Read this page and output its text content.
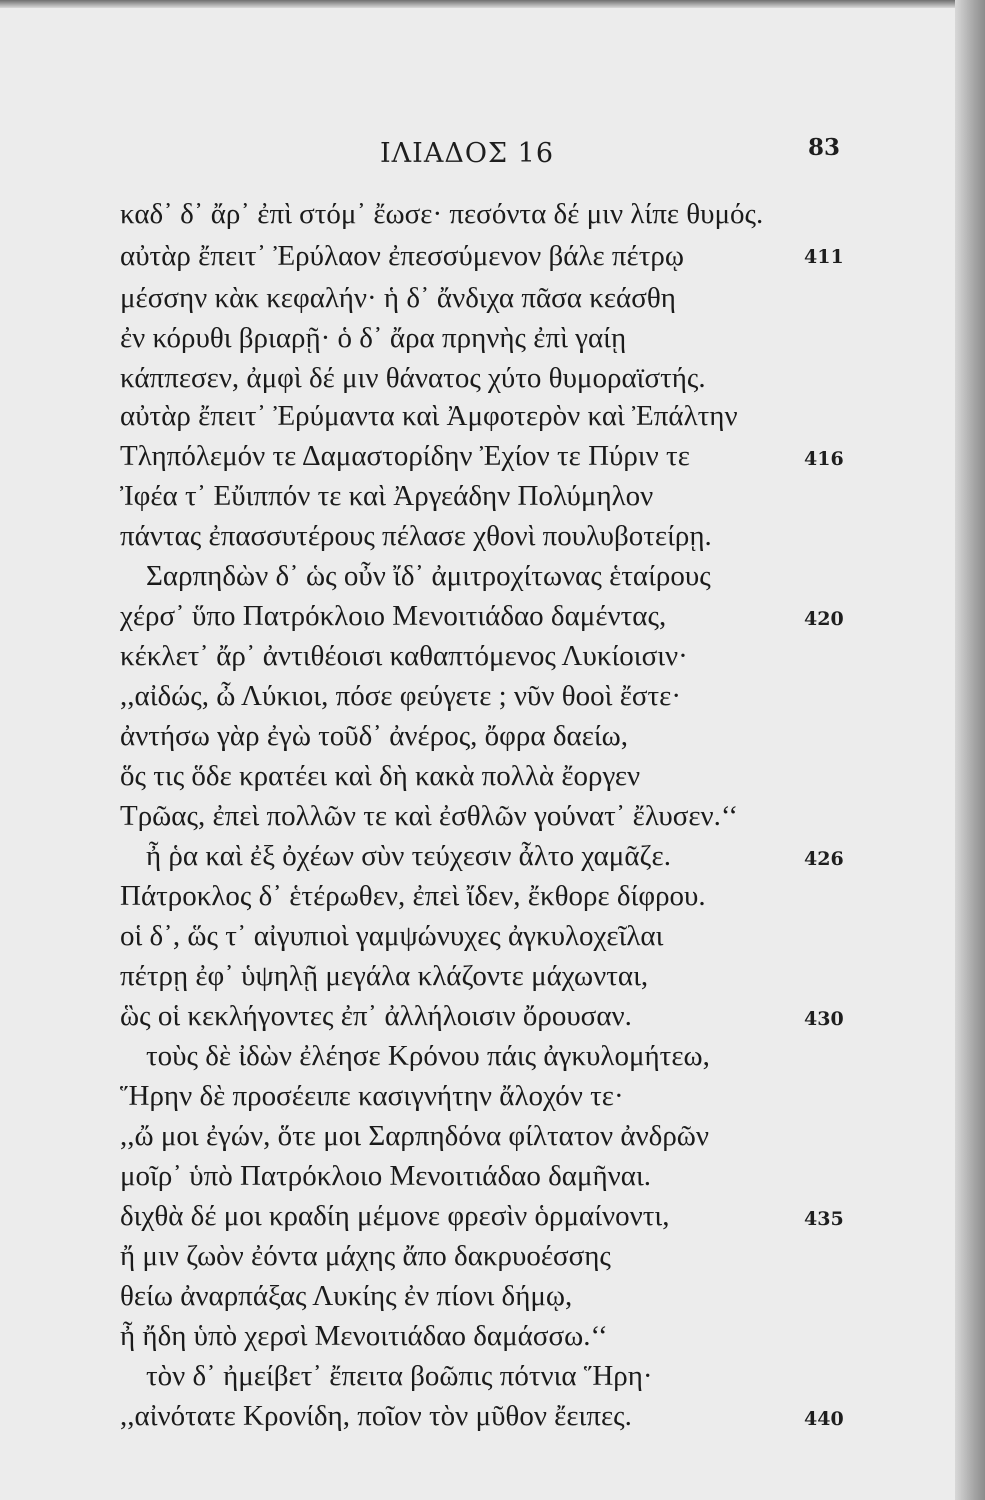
ΙΛΙΑΔΟΣ 16	83
καδ᾽ δ᾽ ἄρ᾽ ἐπὶ στόμ᾽ ἔωσε· πεσόντα δέ μιν λίπε θυμός.
αὐτὰρ ἔπειτ᾽ Ἐρύλαον ἐπεσσύμενον βάλε πέτρῳ
μέσσην κὰκ κεφαλήν· ἡ δ᾽ ἄνδιχα πᾶσα κεάσθη
ἐν κόρυθι βριαρῇ· ὁ δ᾽ ἄρα πρηνὴς ἐπὶ γαίῃ
κάππεσεν, ἀμφὶ δέ μιν θάνατος χύτο θυμοραϊστής.
αὐτὰρ ἔπειτ᾽ Ἐρύμαντα καὶ Ἀμφοτερὸν καὶ Ἐπάλτην
Τληπόλεμόν τε Δαμαστορίδην Ἐχίον τε Πύριν τε
Ἰφέα τ᾽ Εὔιππόν τε καὶ Ἀργεάδην Πολύμηλον
πάντας ἐπασσυτέρους πέλασε χθονὶ πουλυβοτείρῃ.
Σαρπηδὼν δ᾽ ὡς οὖν ἴδ᾽ ἀμιτροχίτωνας ἑταίρους
χέρσ᾽ ὕπο Πατρόκλοιο Μενοιτιάδαο δαμέντας,
κέκλετ᾽ ἄρ᾽ ἀντιθέοισι καθαπτόμενος Λυκίοισιν·
,,αἰδώς, ὦ Λύκιοι, πόσε φεύγετε ; νῦν θοοὶ ἔστε·
ἀντήσω γὰρ ἐγὼ τοῦδ᾽ ἀνέρος, ὄφρα δαείω,
ὅς τις ὅδε κρατέει καὶ δὴ κακὰ πολλὰ ἔοργεν
Τρῶας, ἐπεὶ πολλῶν τε καὶ ἐσθλῶν γούνατ᾽ ἔλυσεν.‘‘
ἦ ῥα καὶ ἐξ ὀχέων σὺν τεύχεσιν ἆλτο χαμᾶζε.
Πάτροκλος δ᾽ ἑτέρωθεν, ἐπεὶ ἴδεν, ἔκθορε δίφρου.
οἱ δ᾽, ὥς τ᾽ αἰγυπιοὶ γαμψώνυχες ἀγκυλοχεῖλαι
πέτρῃ ἐφ᾽ ὑψηλῇ μεγάλα κλάζοντε μάχωνται,
ὣς οἱ κεκλήγοντες ἐπ᾽ ἀλλήλοισιν ὄρουσαν.
τοὺς δὲ ἰδὼν ἐλέησε Κρόνου πάις ἀγκυλομήτεω,
Ἥρην δὲ προσέειπε κασιγνήτην ἄλοχόν τε·
,,ὤ μοι ἐγών, ὅτε μοι Σαρπηδόνα φίλτατον ἀνδρῶν
μοῖρ᾽ ὑπὸ Πατρόκλοιο Μενοιτιάδαο δαμῆναι.
διχθὰ δέ μοι κραδίη μέμονε φρεσὶν ὁρμαίνοντι,
ἤ μιν ζωὸν ἐόντα μάχης ἄπο δακρυοέσσης
θείω ἀναρπάξας Λυκίης ἐν πίονι δήμῳ,
ἦ ἤδη ὑπὸ χερσὶ Μενοιτιάδαο δαμάσσω.‘‘
τὸν δ᾽ ἠμείβετ᾽ ἔπειτα βοῶπις πότνια Ἥρη·
,,αἰνότατε Κρονίδη, ποῖον τὸν μῦθον ἔειπες.
411
416
420
426
430
435
440
